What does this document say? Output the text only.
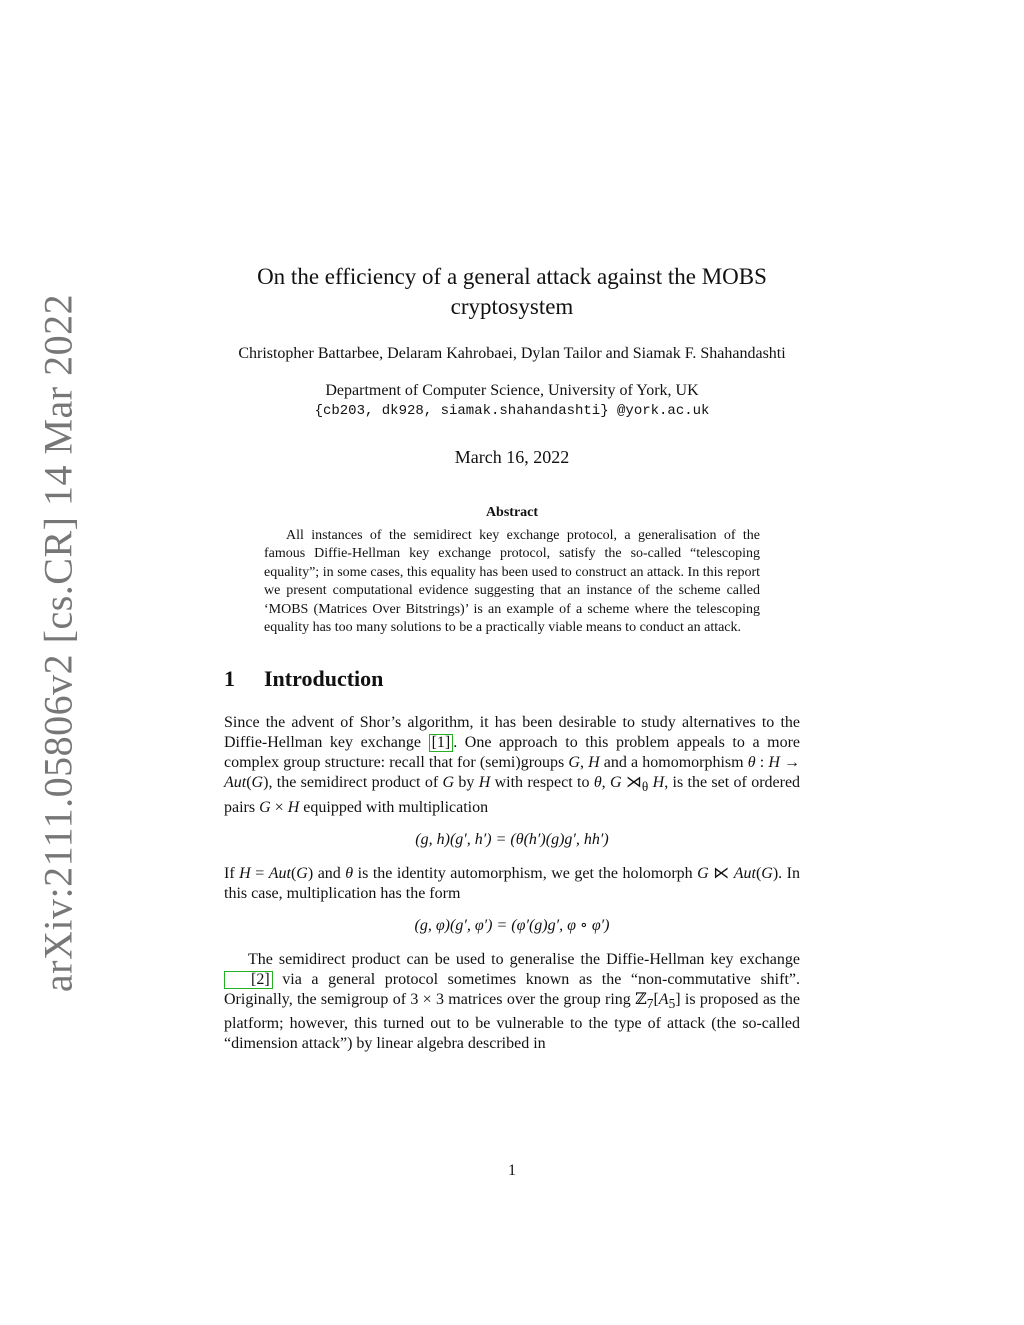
arXiv:2111.05806v2 [cs.CR] 14 Mar 2022
On the efficiency of a general attack against the MOBS cryptosystem
Christopher Battarbee, Delaram Kahrobaei, Dylan Tailor and Siamak F. Shahandashti
Department of Computer Science, University of York, UK
{cb203, dk928, siamak.shahandashti} @york.ac.uk
March 16, 2022
Abstract

All instances of the semidirect key exchange protocol, a generalisation of the famous Diffie-Hellman key exchange protocol, satisfy the so-called “telescoping equality”; in some cases, this equality has been used to construct an attack. In this report we present computational evidence suggesting that an instance of the scheme called ‘MOBS (Matrices Over Bitstrings)’ is an example of a scheme where the telescoping equality has too many solutions to be a practically viable means to conduct an attack.

1 Introduction

Since the advent of Shor’s algorithm, it has been desirable to study alternatives to the Diffie-Hellman key exchange [1] . One approach to this problem appeals to a more complex group structure: recall that for (semi)groups G, H and a homomorphism θ : H → Aut(G), the semidirect product of G by H with respect to θ, G $⋊_\theta$ H, is the set of ordered pairs G × H equipped with multiplication

(g, h)(g′, h′) = (θ(h′)(g)g′, hh′)

If H = Aut(G) and θ is the identity automorphism, we get the holomorph G ⋉ Aut(G). In this case, multiplication has the form

(g, φ)(g′, φ′) = (φ′(g)g′, φ ∘ φ′)

The semidirect product can be used to generalise the Diffie-Hellman key exchange [2] via a general protocol sometimes known as the “non-commutative shift”. Originally, the semigroup of 3 × 3 matrices over the group ring $ℤ_7[A_5]$ is proposed as the platform; however, this turned out to be vulnerable to the type of attack (the so-called “dimension attack”) by linear algebra described in

1
